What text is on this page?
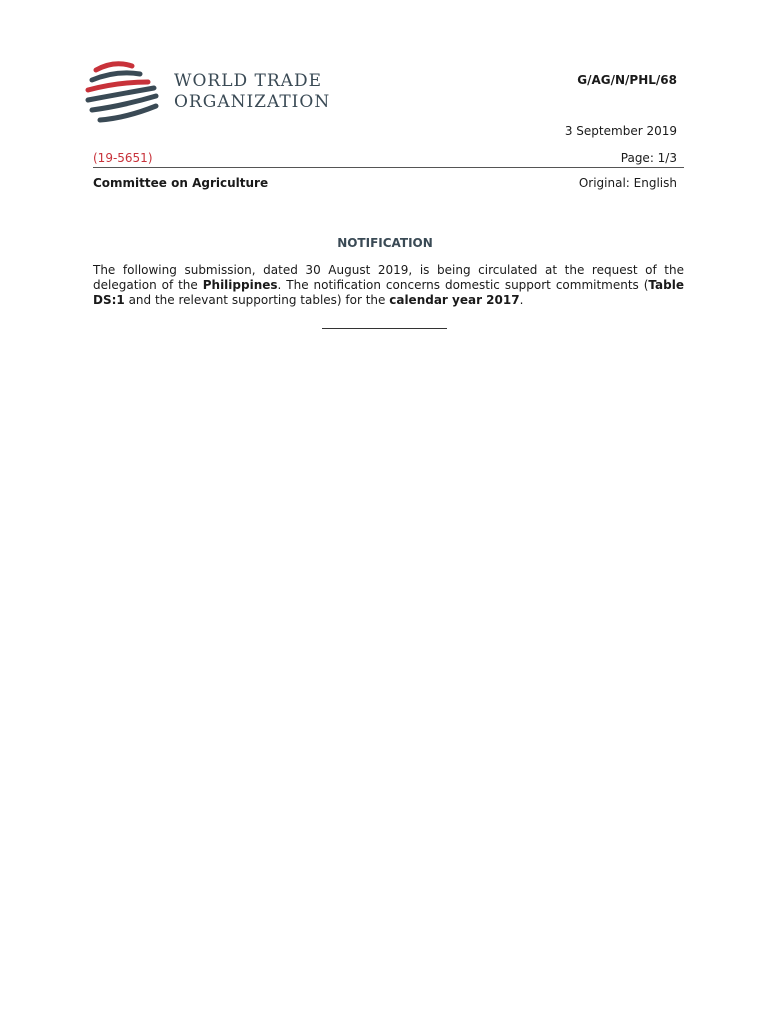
WORLD TRADE
ORGANIZATION
G/AG/N/PHL/68
3 September 2019
(19-5651)	Page: 1/3
Committee on Agriculture	Original: English
NOTIFICATION
The following submission, dated 30 August 2019, is being circulated at the request of the delegation of the Philippines. The notification concerns domestic support commitments (Table DS:1 and the relevant supporting tables) for the calendar year 2017.
